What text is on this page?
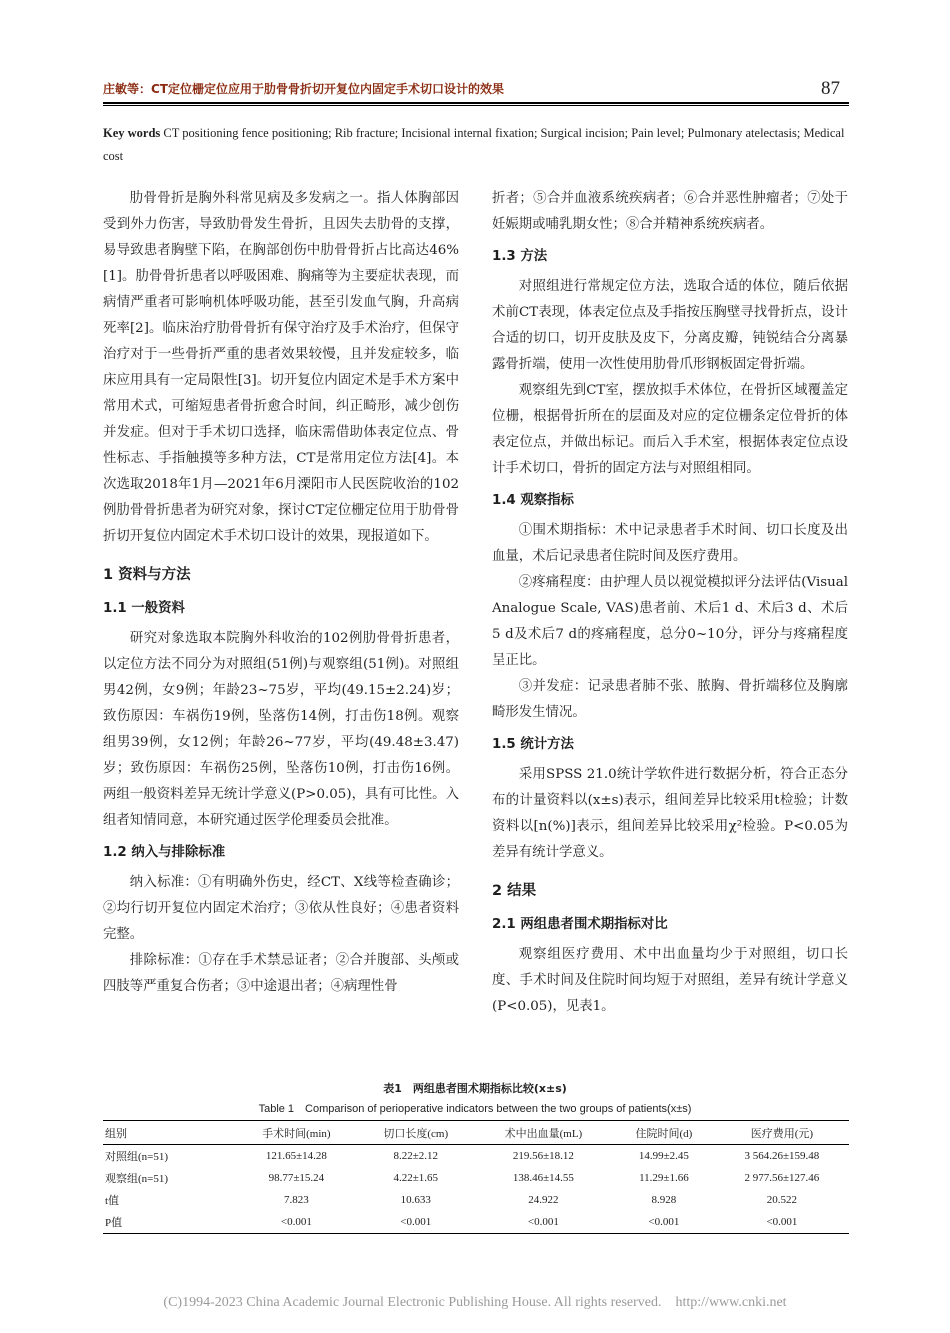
庄敏等：CT定位栅定位应用于肋骨骨折切开复位内固定手术切口设计的效果	87
Key words CT positioning fence positioning; Rib fracture; Incisional internal fixation; Surgical incision; Pain level; Pulmonary atelectasis; Medical cost

肋骨骨折是胸外科常见病及多发病之一。指人体胸部因受到外力伤害，导致肋骨发生骨折，且因失去肋骨的支撑，易导致患者胸壁下陷，在胸部创伤中肋骨骨折占比高达46%[1]。肋骨骨折患者以呼吸困难、胸痛等为主要症状表现，而病情严重者可影响机体呼吸功能，甚至引发血气胸，升高病死率[2]。临床治疗肋骨骨折有保守治疗及手术治疗，但保守治疗对于一些骨折严重的患者效果较慢，且并发症较多，临床应用具有一定局限性[3]。切开复位内固定术是手术方案中常用术式，可缩短患者骨折愈合时间，纠正畸形，减少创伤并发症。但对于手术切口选择，临床需借助体表定位点、骨性标志、手指触摸等多种方法，CT是常用定位方法[4]。本次选取2018年1月—2021年6月溧阳市人民医院收治的102例肋骨骨折患者为研究对象，探讨CT定位栅定位用于肋骨骨折切开复位内固定术手术切口设计的效果，现报道如下。

1 资料与方法
1.1 一般资料

研究对象选取本院胸外科收治的102例肋骨骨折患者，以定位方法不同分为对照组(51例)与观察组(51例)。对照组男42例，女9例；年龄23~75岁，平均(49.15±2.24)岁；致伤原因：车祸伤19例，坠落伤14例，打击伤18例。观察组男39例，女12例；年龄26~77岁，平均(49.48±3.47)岁；致伤原因：车祸伤25例，坠落伤10例，打击伤16例。两组一般资料差异无统计学意义(P>0.05)，具有可比性。入组者知情同意，本研究通过医学伦理委员会批准。

1.2 纳入与排除标准

纳入标准：①有明确外伤史，经CT、X线等检查确诊；②均行切开复位内固定术治疗；③依从性良好；④患者资料完整。

排除标准：①存在手术禁忌证者；②合并腹部、头颅或四肢等严重复合伤者；③中途退出者；④病理性骨

折者；⑤合并血液系统疾病者；⑥合并恶性肿瘤者；⑦处于妊娠期或哺乳期女性；⑧合并精神系统疾病者。

1.3 方法

对照组进行常规定位方法，选取合适的体位，随后依据术前CT表现，体表定位点及手指按压胸壁寻找骨折点，设计合适的切口，切开皮肤及皮下，分离皮瓣，钝锐结合分离暴露骨折端，使用一次性使用肋骨爪形钢板固定骨折端。

观察组先到CT室，摆放拟手术体位，在骨折区域覆盖定位栅，根据骨折所在的层面及对应的定位栅条定位骨折的体表定位点，并做出标记。而后入手术室，根据体表定位点设计手术切口，骨折的固定方法与对照组相同。

1.4 观察指标

①围术期指标：术中记录患者手术时间、切口长度及出血量，术后记录患者住院时间及医疗费用。

②疼痛程度：由护理人员以视觉模拟评分法评估(Visual Analogue Scale, VAS)患者前、术后1 d、术后3 d、术后5 d及术后7 d的疼痛程度，总分0~10分，评分与疼痛程度呈正比。

③并发症：记录患者肺不张、脓胸、骨折端移位及胸廓畸形发生情况。

1.5 统计方法

采用SPSS 21.0统计学软件进行数据分析，符合正态分布的计量资料以(x±s)表示，组间差异比较采用t检验；计数资料以[n(%)]表示，组间差异比较采用χ²检验。P<0.05为差异有统计学意义。

2 结果
2.1 两组患者围术期指标对比

观察组医疗费用、术中出血量均少于对照组，切口长度、手术时间及住院时间均短于对照组，差异有统计学意义(P<0.05)，见表1。

表1　两组患者围术期指标比较(x±s)
Table 1　Comparison of perioperative indicators between the two groups of patients(x±s)
组别	手术时间(min)	切口长度(cm)	术中出血量(mL)	住院时间(d)	医疗费用(元)
对照组(n=51)	121.65±14.28	8.22±2.12	219.56±18.12	14.99±2.45	3 564.26±159.48
观察组(n=51)	98.77±15.24	4.22±1.65	138.46±14.55	11.29±1.66	2 977.56±127.46
t值	7.823	10.633	24.922	8.928	20.522
P值	<0.001	<0.001	<0.001	<0.001	<0.001
(C)1994-2023 China Academic Journal Electronic Publishing House. All rights reserved.　http://www.cnki.net
